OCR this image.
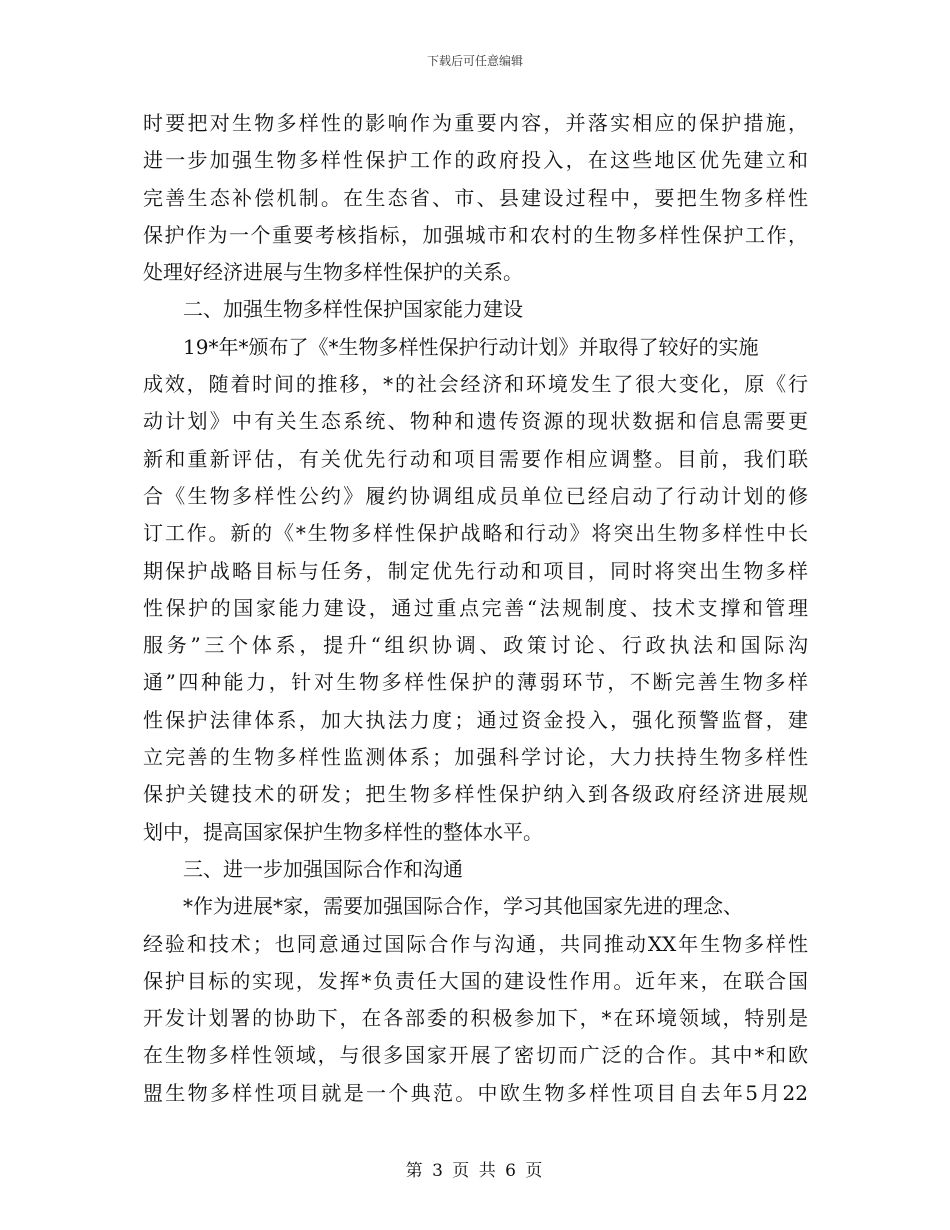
下载后可任意编辑
时要把对生物多样性的影响作为重要内容，并落实相应的保护措施，
进一步加强生物多样性保护工作的政府投入，在这些地区优先建立和
完善生态补偿机制。在生态省、市、县建设过程中，要把生物多样性
保护作为一个重要考核指标，加强城市和农村的生物多样性保护工作，
处理好经济进展与生物多样性保护的关系。
二、加强生物多样性保护国家能力建设
19*年*颁布了《*生物多样性保护行动计划》并取得了较好的实施
成效，随着时间的推移，*的社会经济和环境发生了很大变化，原《行
动计划》中有关生态系统、物种和遗传资源的现状数据和信息需要更
新和重新评估，有关优先行动和项目需要作相应调整。目前，我们联
合《生物多样性公约》履约协调组成员单位已经启动了行动计划的修
订工作。新的《*生物多样性保护战略和行动》将突出生物多样性中长
期保护战略目标与任务，制定优先行动和项目，同时将突出生物多样
性保护的国家能力建设，通过重点完善“法规制度、技术支撑和管理
服务”三个体系，提升“组织协调、政策讨论、行政执法和国际沟
通”四种能力，针对生物多样性保护的薄弱环节，不断完善生物多样
性保护法律体系，加大执法力度；通过资金投入，强化预警监督，建
立完善的生物多样性监测体系；加强科学讨论，大力扶持生物多样性
保护关键技术的研发；把生物多样性保护纳入到各级政府经济进展规
划中，提高国家保护生物多样性的整体水平。
三、进一步加强国际合作和沟通
*作为进展*家，需要加强国际合作，学习其他国家先进的理念、
经验和技术；也同意通过国际合作与沟通，共同推动XX年生物多样性
保护目标的实现，发挥*负责任大国的建设性作用。近年来，在联合国
开发计划署的协助下，在各部委的积极参加下，*在环境领域，特别是
在生物多样性领域，与很多国家开展了密切而广泛的合作。其中*和欧
盟生物多样性项目就是一个典范。中欧生物多样性项目自去年5月22
第 3 页 共 6 页
